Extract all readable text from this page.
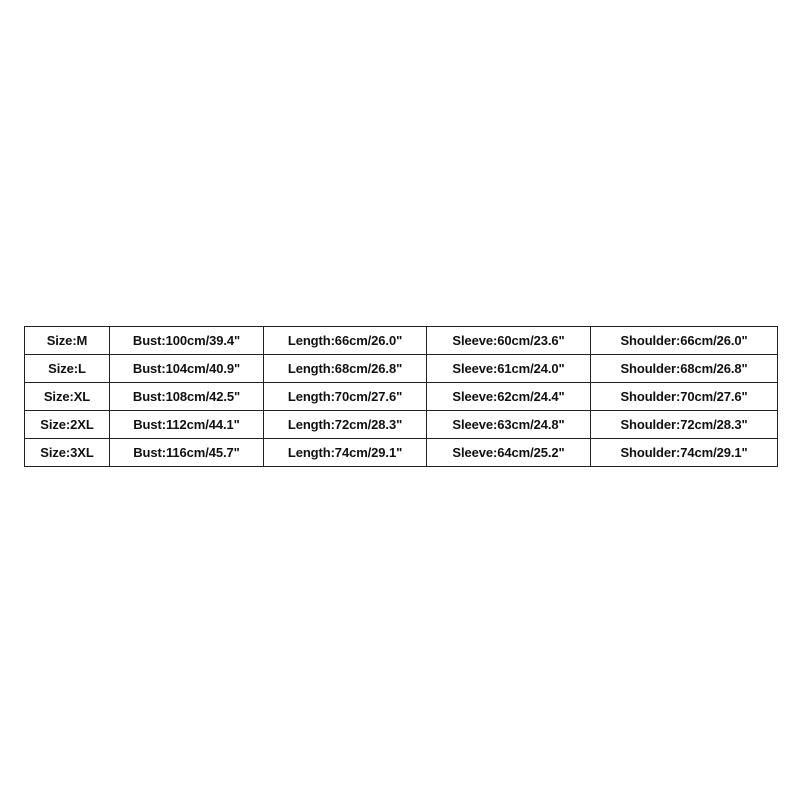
Size:M	Bust:100cm/39.4"	Length:66cm/26.0"	Sleeve:60cm/23.6"	Shoulder:66cm/26.0"
Size:L	Bust:104cm/40.9"	Length:68cm/26.8"	Sleeve:61cm/24.0"	Shoulder:68cm/26.8"
Size:XL	Bust:108cm/42.5"	Length:70cm/27.6"	Sleeve:62cm/24.4"	Shoulder:70cm/27.6"
Size:2XL	Bust:112cm/44.1"	Length:72cm/28.3"	Sleeve:63cm/24.8"	Shoulder:72cm/28.3"
Size:3XL	Bust:116cm/45.7"	Length:74cm/29.1"	Sleeve:64cm/25.2"	Shoulder:74cm/29.1"
